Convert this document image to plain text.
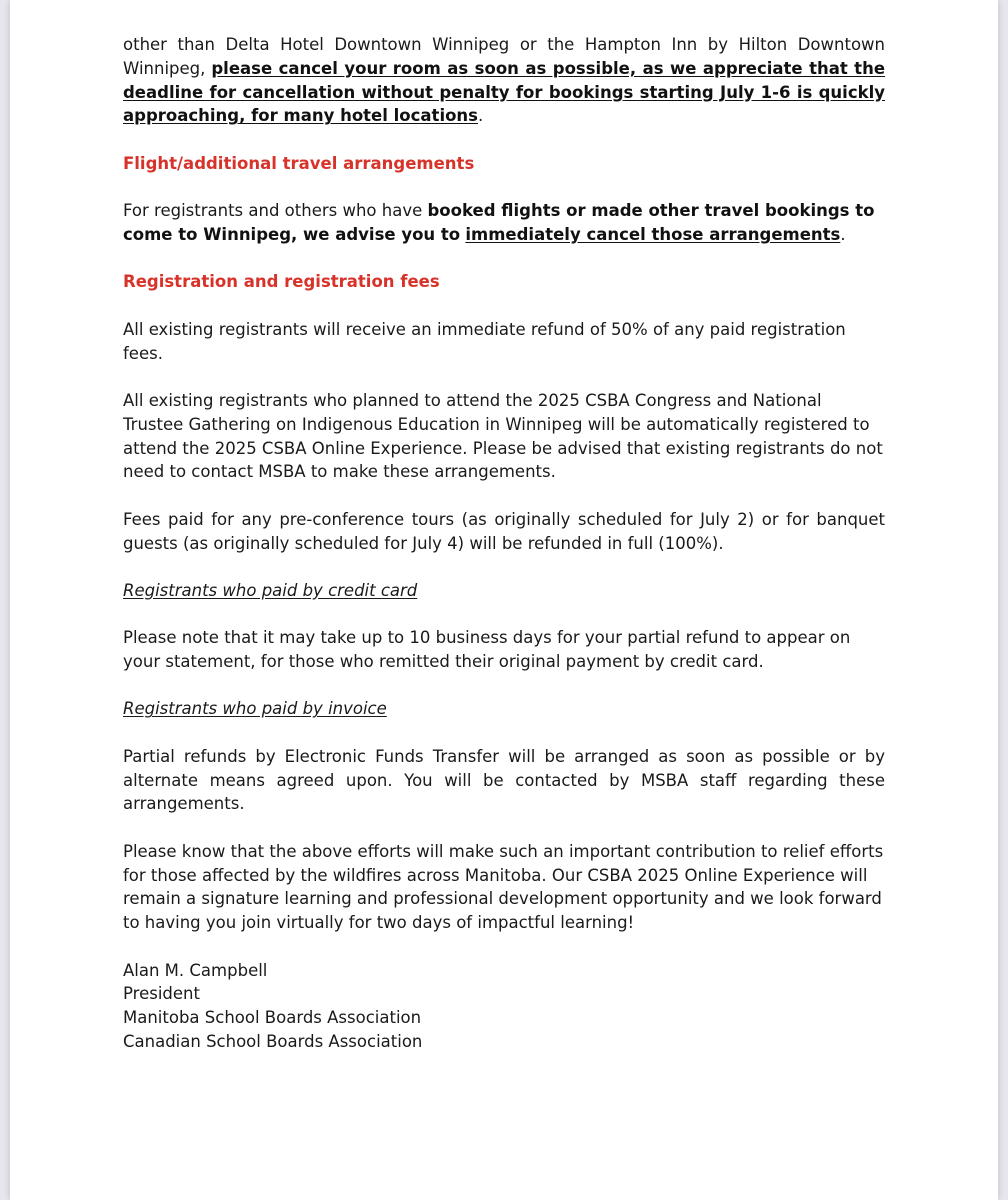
other than Delta Hotel Downtown Winnipeg or the Hampton Inn by Hilton Downtown Winnipeg, please cancel your room as soon as possible, as we appreciate that the deadline for cancellation without penalty for bookings starting July 1-6 is quickly approaching, for many hotel locations.

Flight/additional travel arrangements

For registrants and others who have booked flights or made other travel bookings to come to Winnipeg, we advise you to immediately cancel those arrangements.

Registration and registration fees

All existing registrants will receive an immediate refund of 50% of any paid registration fees.

All existing registrants who planned to attend the 2025 CSBA Congress and National Trustee Gathering on Indigenous Education in Winnipeg will be automatically registered to attend the 2025 CSBA Online Experience. Please be advised that existing registrants do not need to contact MSBA to make these arrangements.

Fees paid for any pre-conference tours (as originally scheduled for July 2) or for banquet guests (as originally scheduled for July 4) will be refunded in full (100%).

Registrants who paid by credit card

Please note that it may take up to 10 business days for your partial refund to appear on your statement, for those who remitted their original payment by credit card.

Registrants who paid by invoice

Partial refunds by Electronic Funds Transfer will be arranged as soon as possible or by alternate means agreed upon. You will be contacted by MSBA staff regarding these arrangements.

Please know that the above efforts will make such an important contribution to relief efforts for those affected by the wildfires across Manitoba. Our CSBA 2025 Online Experience will remain a signature learning and professional development opportunity and we look forward to having you join virtually for two days of impactful learning!

Alan M. Campbell

President

Manitoba School Boards Association

Canadian School Boards Association
